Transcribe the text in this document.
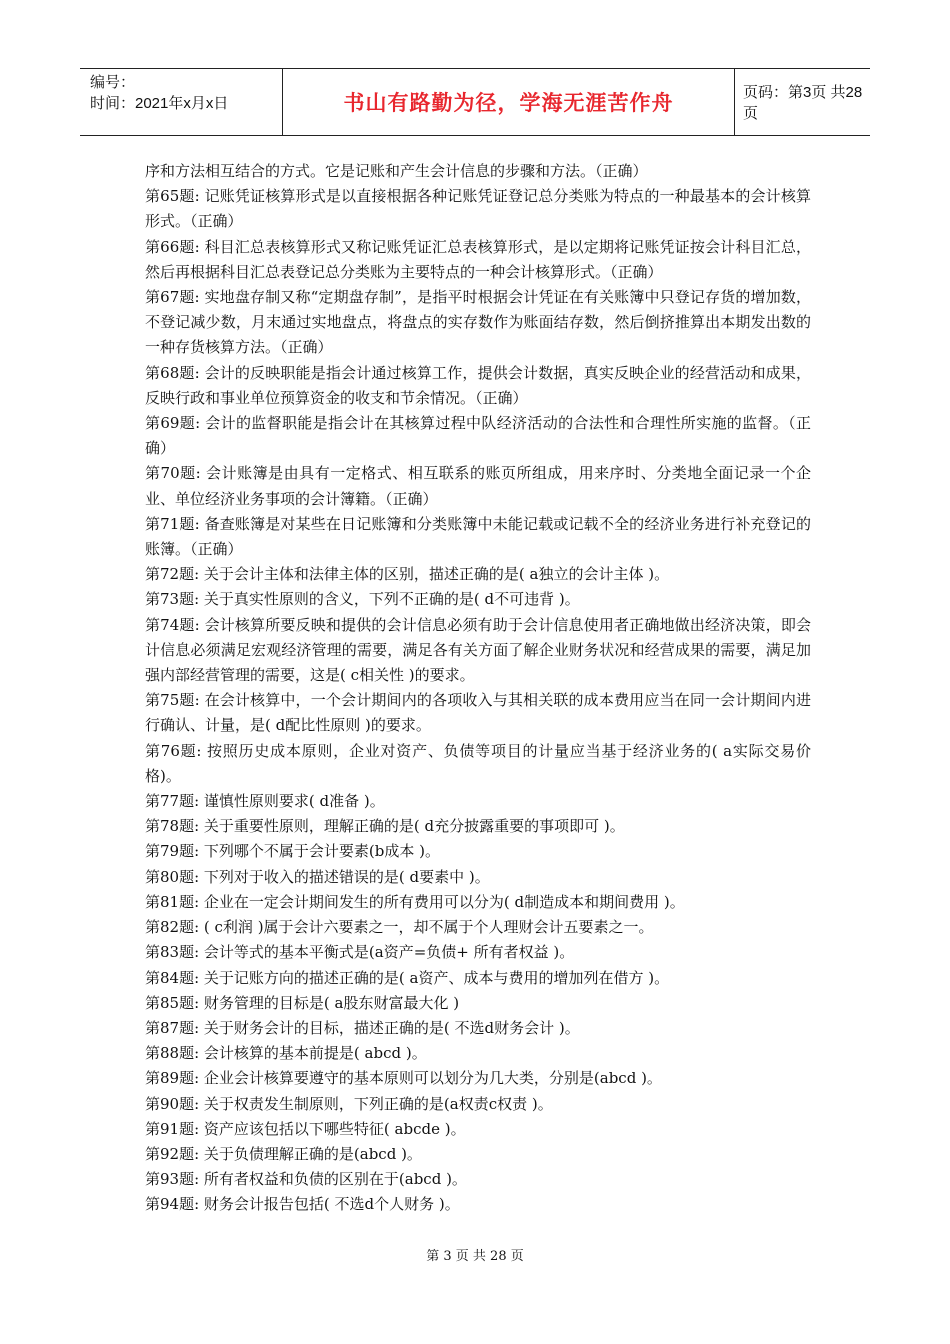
编号：
时间：2021年x月x日	书山有路勤为径，学海无涯苦作舟	页码：第3页 共28页

序和方法相互结合的方式。它是记账和产生会计信息的步骤和方法。（正确）

第65题: 记账凭证核算形式是以直接根据各种记账凭证登记总分类账为特点的一种最基本的会计核算形式。（正确）

第66题: 科目汇总表核算形式又称记账凭证汇总表核算形式，是以定期将记账凭证按会计科目汇总，然后再根据科目汇总表登记总分类账为主要特点的一种会计核算形式。（正确）

第67题: 实地盘存制又称“定期盘存制”，是指平时根据会计凭证在有关账簿中只登记存货的增加数，不登记减少数，月末通过实地盘点，将盘点的实存数作为账面结存数，然后倒挤推算出本期发出数的一种存货核算方法。（正确）

第68题: 会计的反映职能是指会计通过核算工作，提供会计数据，真实反映企业的经营活动和成果，反映行政和事业单位预算资金的收支和节余情况。（正确）

第69题: 会计的监督职能是指会计在其核算过程中队经济活动的合法性和合理性所实施的监督。（正确）

第70题: 会计账簿是由具有一定格式、相互联系的账页所组成，用来序时、分类地全面记录一个企业、单位经济业务事项的会计簿籍。（正确）

第71题: 备查账簿是对某些在日记账簿和分类账簿中未能记载或记载不全的经济业务进行补充登记的账簿。（正确）

第72题: 关于会计主体和法律主体的区别，描述正确的是( a独立的会计主体 )。

第73题: 关于真实性原则的含义，下列不正确的是( d不可违背 )。

第74题: 会计核算所要反映和提供的会计信息必须有助于会计信息使用者正确地做出经济决策，即会计信息必须满足宏观经济管理的需要，满足各有关方面了解企业财务状况和经营成果的需要，满足加强内部经营管理的需要，这是( c相关性 )的要求。

第75题: 在会计核算中，一个会计期间内的各项收入与其相关联的成本费用应当在同一会计期间内进行确认、计量，是( d配比性原则 )的要求。

第76题: 按照历史成本原则，企业对资产、负债等项目的计量应当基于经济业务的( a实际交易价格)。

第77题: 谨慎性原则要求( d准备 )。

第78题: 关于重要性原则，理解正确的是( d充分披露重要的事项即可 )。

第79题: 下列哪个不属于会计要素(b成本 )。

第80题: 下列对于收入的描述错误的是( d要素中 )。

第81题: 企业在一定会计期间发生的所有费用可以分为( d制造成本和期间费用 )。

第82题: ( c利润 )属于会计六要素之一，却不属于个人理财会计五要素之一。

第83题: 会计等式的基本平衡式是(a资产=负债+ 所有者权益 )。

第84题: 关于记账方向的描述正确的是( a资产、成本与费用的增加列在借方 )。

第85题: 财务管理的目标是( a股东财富最大化 )

第87题: 关于财务会计的目标，描述正确的是( 不选d财务会计 )。

第88题: 会计核算的基本前提是( abcd )。

第89题: 企业会计核算要遵守的基本原则可以划分为几大类，分别是(abcd )。

第90题: 关于权责发生制原则，下列正确的是(a权责c权责 )。

第91题: 资产应该包括以下哪些特征( abcde )。

第92题: 关于负债理解正确的是(abcd )。

第93题: 所有者权益和负债的区别在于(abcd )。

第94题: 财务会计报告包括( 不选d个人财务 )。

第 3 页 共 28 页
